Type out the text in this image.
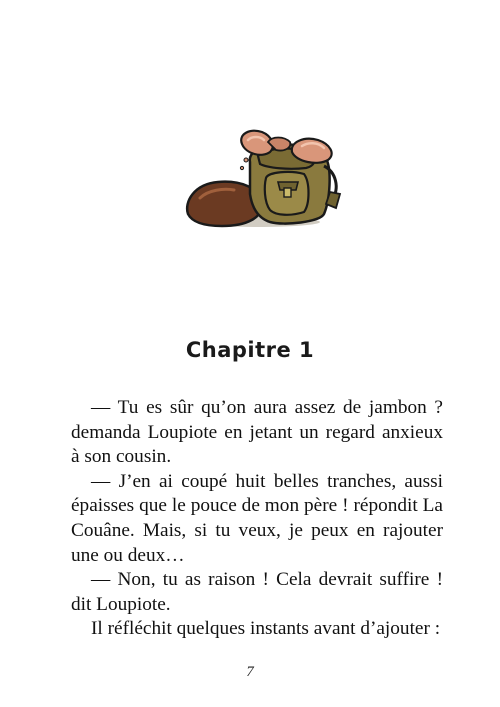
Chapitre 1

— Tu es sûr qu’on aura assez de jambon ? demanda Loupiote en jetant un regard anxieux à son cousin.

— J’en ai coupé huit belles tranches, aussi épaisses que le pouce de mon père ! répondit La Couâne. Mais, si tu veux, je peux en rajouter une ou deux…

— Non, tu as raison ! Cela devrait suffire ! dit Loupiote.

Il réfléchit quelques instants avant d’ajouter :

7
